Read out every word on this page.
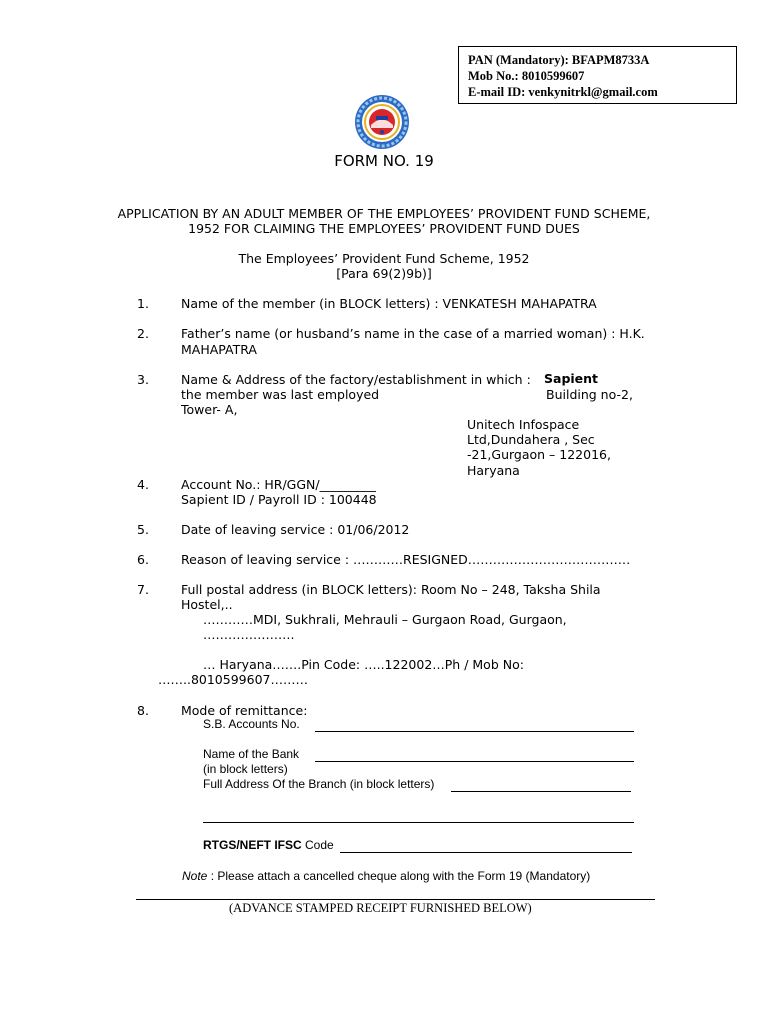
PAN (Mandatory): BFAPM8733A
Mob No.: 8010599607
E-mail ID: venkynitrkl@gmail.com
FORM NO. 19
APPLICATION BY AN ADULT MEMBER OF THE EMPLOYEES’ PROVIDENT FUND SCHEME,
1952 FOR CLAIMING THE EMPLOYEES’ PROVIDENT FUND DUES
The Employees’ Provident Fund Scheme, 1952
[Para 69(2)9b)]
1.	Name of the member (in BLOCK letters) : VENKATESH MAHAPATRA
2.	Father’s name (or husband’s name in the case of a married woman) : H.K.
MAHAPATRA
3.	Name & Address of the factory/establishment in which : Sapient
the member was last employed	Building no-2,
Tower- A,
Unitech Infospace
Ltd,Dundahera , Sec
-21,Gurgaon – 122016,
Haryana
4.	Account No.: HR/GGN/_________
Sapient ID / Payroll ID : 100448
5.	Date of leaving service : 01/06/2012
6.	Reason of leaving service : …………RESIGNED…………………………………
7.	Full postal address (in BLOCK letters): Room No – 248, Taksha Shila
Hostel,..
…………MDI, Sukhrali, Mehrauli – Gurgaon Road, Gurgaon,
………………….
… Haryana…….Pin Code: …..122002…Ph / Mob No:
……..8010599607………
8.	Mode of remittance:
S.B. Accounts No.
Name of the Bank
(in block letters)
Full Address Of the Branch (in block letters)
RTGS/NEFT IFSC Code
Note : Please attach a cancelled cheque along with the Form 19 (Mandatory)
(ADVANCE STAMPED RECEIPT FURNISHED BELOW)
